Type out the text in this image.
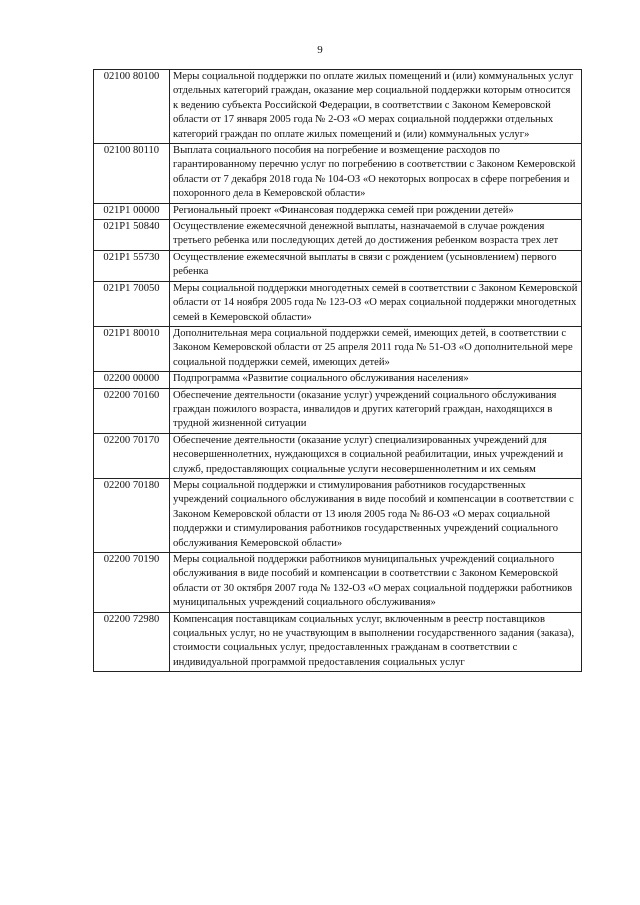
9
02100 80100	Меры социальной поддержки по оплате жилых помещений и (или) коммунальных услуг отдельных категорий граждан, оказание мер социальной поддержки которым относится к ведению субъекта Российской Федерации, в соответствии с Законом Кемеровской области от 17 января 2005 года № 2-ОЗ «О мерах социальной поддержки отдельных категорий граждан по оплате жилых помещений и (или) коммунальных услуг»
02100 80110	Выплата социального пособия на погребение и возмещение расходов по гарантированному перечню услуг по погребению в соответствии с Законом Кемеровской области от 7 декабря 2018 года № 104-ОЗ «О некоторых вопросах в сфере погребения и похоронного дела в Кемеровской области»
021P1 00000	Региональный проект «Финансовая поддержка семей при рождении детей»
021P1 50840	Осуществление ежемесячной денежной выплаты, назначаемой в случае рождения третьего ребенка или последующих детей до достижения ребенком возраста трех лет
021P1 55730	Осуществление ежемесячной выплаты в связи с рождением (усыновлением) первого ребенка
021P1 70050	Меры социальной поддержки многодетных семей в соответствии с Законом Кемеровской области от 14 ноября 2005 года № 123-ОЗ «О мерах социальной поддержки многодетных семей в Кемеровской области»
021P1 80010	Дополнительная мера социальной поддержки семей, имеющих детей, в соответствии с Законом Кемеровской области от 25 апреля 2011 года № 51-ОЗ «О дополнительной мере социальной поддержки семей, имеющих детей»
02200 00000	Подпрограмма «Развитие социального обслуживания населения»
02200 70160	Обеспечение деятельности (оказание услуг) учреждений социального обслуживания граждан пожилого возраста, инвалидов и других категорий граждан, находящихся в трудной жизненной ситуации
02200 70170	Обеспечение деятельности (оказание услуг) специализированных учреждений для несовершеннолетних, нуждающихся в социальной реабилитации, иных учреждений и служб, предоставляющих социальные услуги несовершеннолетним и их семьям
02200 70180	Меры социальной поддержки и стимулирования работников государственных учреждений социального обслуживания в виде пособий и компенсации в соответствии с Законом Кемеровской области от 13 июля 2005 года № 86-ОЗ «О мерах социальной поддержки и стимулирования работников государственных учреждений социального обслуживания Кемеровской области»
02200 70190	Меры социальной поддержки работников муниципальных учреждений социального обслуживания в виде пособий и компенсации в соответствии с Законом Кемеровской области от 30 октября 2007 года № 132-ОЗ «О мерах социальной поддержки работников муниципальных учреждений социального обслуживания»
02200 72980	Компенсация поставщикам социальных услуг, включенным в реестр поставщиков социальных услуг, но не участвующим в выполнении государственного задания (заказа), стоимости социальных услуг, предоставленных гражданам в соответствии с индивидуальной программой предоставления социальных услуг
